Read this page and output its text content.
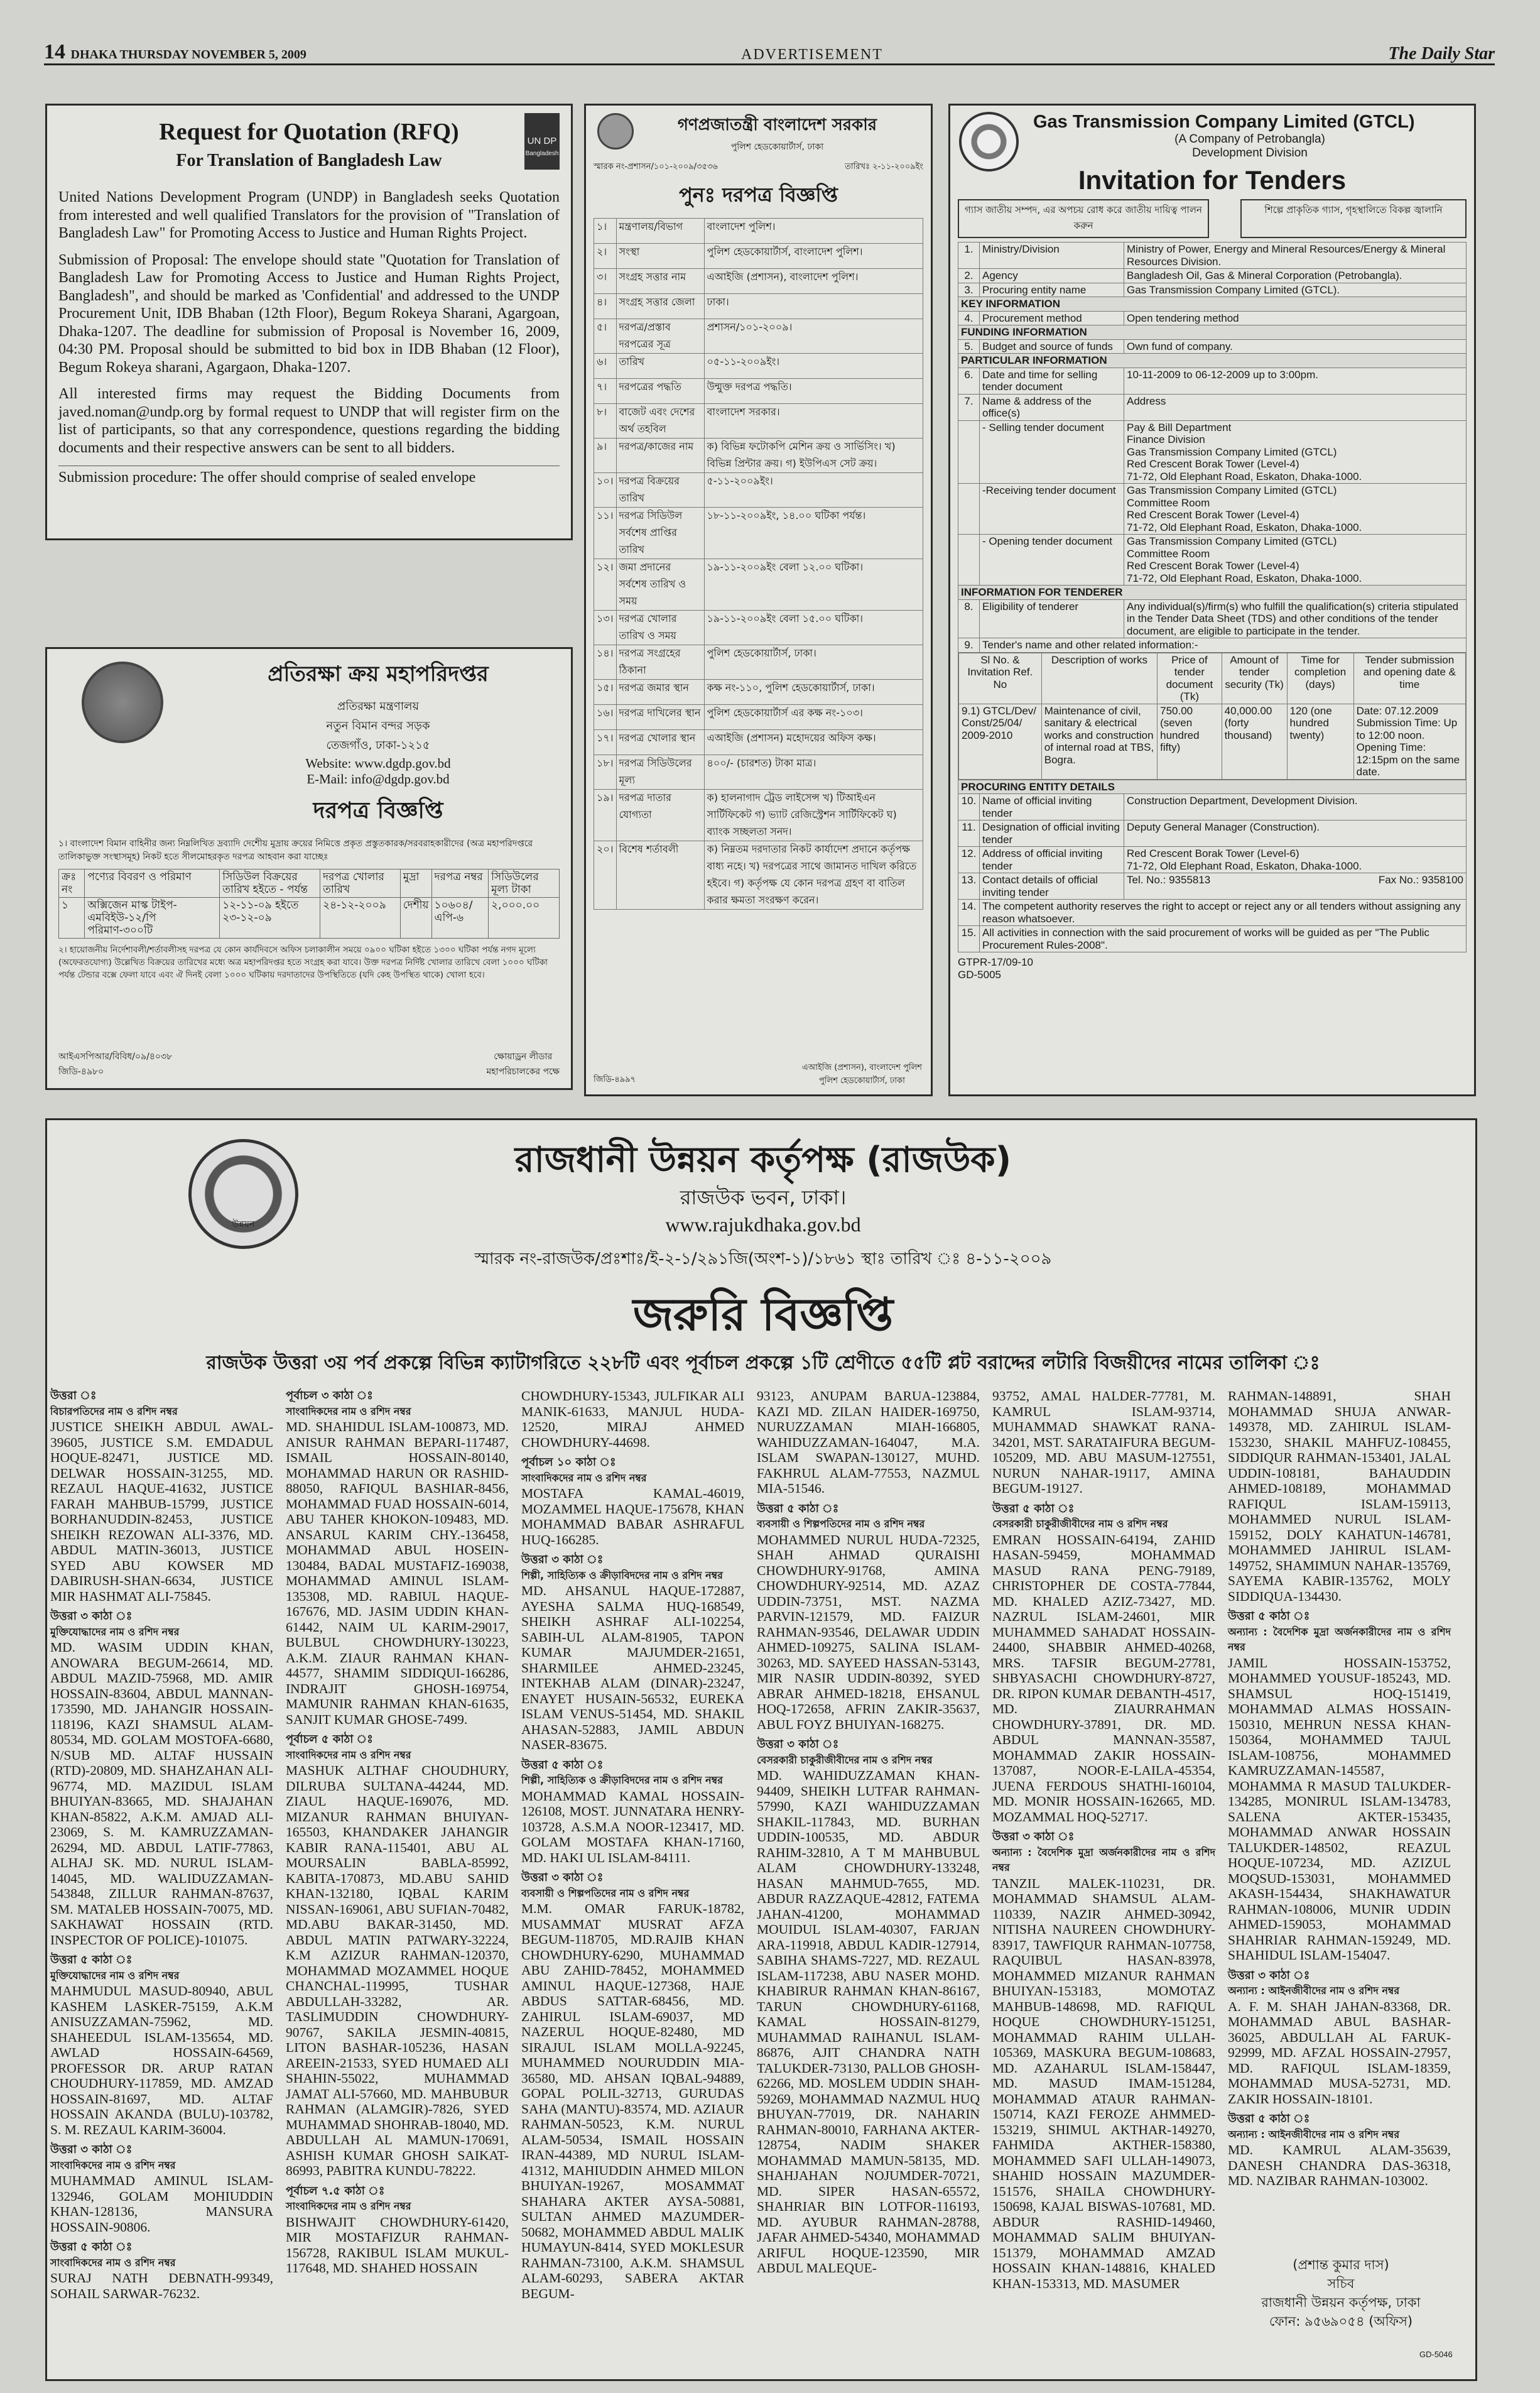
14 DHAKA THURSDAY NOVEMBER 5, 2009	ADVERTISEMENT	The Daily Star
UN DP
Bangladesh
Request for Quotation (RFQ)
For Translation of Bangladesh Law

United Nations Development Program (UNDP) in Bangladesh seeks Quotation from interested and well qualified Translators for the provision of "Translation of Bangladesh Law" for Promoting Access to Justice and Human Rights Project.

Submission of Proposal: The envelope should state "Quotation for Translation of Bangladesh Law for Promoting Access to Justice and Human Rights Project, Bangladesh", and should be marked as 'Confidential' and addressed to the UNDP Procurement Unit, IDB Bhaban (12th Floor), Begum Rokeya Sharani, Agargoan, Dhaka-1207. The deadline for submission of Proposal is November 16, 2009, 04:30 PM. Proposal should be submitted to bid box in IDB Bhaban (12 Floor), Begum Rokeya sharani, Agargaon, Dhaka-1207.

All interested firms may request the Bidding Documents from javed.noman@undp.org by formal request to UNDP that will register firm on the list of participants, so that any correspondence, questions regarding the bidding documents and their respective answers can be sent to all bidders.

Submission procedure: The offer should comprise of sealed envelope

প্রতিরক্ষা ক্রয় মহাপরিদপ্তর
প্রতিরক্ষা মন্ত্রণালয়
নতুন বিমান বন্দর সড়ক
তেজগাঁও, ঢাকা-১২১৫
Website: www.dgdp.gov.bd
E-Mail: info@dgdp.gov.bd
দরপত্র বিজ্ঞপ্তি

১। বাংলাদেশ বিমান বাহিনীর জন্য নিম্নলিখিত দ্রব্যাদি দেশেীয় মুদ্রায় ক্রয়ের নিমিত্তে প্রকৃত প্রস্তুতকারক/সরবরাহকারীদের (অত্র মহাপরিদপ্তরে তালিকাভুক্ত সংস্থাসমূহ) নিকট হতে সীলমোহরকৃত দরপত্র আহবান করা যাচ্ছেঃ

ক্রঃ নং	পণ্যের বিবরণ ও পরিমাণ	সিডিউল বিক্রয়ের তারিখ হইতে - পর্যন্ত	দরপত্র খোলার তারিখ	মুদ্রা	দরপত্র নম্বর	সিডিউলের মূল্য টাকা
১	অক্সিজেন মাস্ক টাইপ-এমবিইউ-১২/পি পরিমাণ-৩০০টি	১২-১১-০৯ হইতে ২৩-১২-০৯	২৪-১২-২০০৯	দেশীয়	১০৬০৪/ এপি-৬	২,০০০.০০

২। হায়োজনীয় নির্দেশাবলী/শর্তাবলীসহ দরপত্র যে কোন কার্যদিবসে অফিস চলাকালীন সময়ে ০৯০০ ঘটিকা হইতে ১৩০০ ঘটিকা পর্যন্ত নগদ মূল্যে (অফেরতযোগ্য) উল্লেখিত বিক্রয়ের তারিখের মধ্যে অত্র মহাপরিদপ্তর হতে সংগ্রহ করা যাবে। উক্ত দরপত্র নির্দিষ্ট খোলার তারিখে বেলা ১০০০ ঘটিকা পর্যন্ত টেন্ডার বক্সে ফেলা যাবে এবং ঐ দিনই বেলা ১০০০ ঘটিকায় দরদাতাদের উপস্থিতিতে (যদি কেহ উপস্থিত থাকে) খোলা হবে।

আইএসপিআর/বিবিধ/০৯/৪০৩৮
জিডি-৪৯৮০
ক্ষোয়াড্রন লীডার
মহাপরিচালকের পক্ষে
গণপ্রজাতন্ত্রী বাংলাদেশ সরকার
পুলিশ হেডকোয়ার্টার্স, ঢাকা
স্মারক নং-প্রশাসন/১০১-২০০৯/৩৫৩৬	তারিখঃ ২-১১-২০০৯ইং
পুনঃ দরপত্র বিজ্ঞপ্তি
১।	মন্ত্রণালয়/বিভাগ	বাংলাদেশ পুলিশ।
২।	সংস্থা	পুলিশ হেডকোয়ার্টার্স, বাংলাদেশ পুলিশ।
৩।	সংগ্রহ সত্তার নাম	এআইজি (প্রশাসন), বাংলাদেশ পুলিশ।
৪।	সংগ্রহ সত্তার জেলা	ঢাকা।
৫।	দরপত্র/প্রস্তাব দরপত্রের সূত্র	প্রশাসন/১০১-২০০৯।
৬।	তারিখ	০৫-১১-২০০৯ইং।
৭।	দরপত্রের পদ্ধতি	উন্মুক্ত দরপত্র পদ্ধতি।
৮।	বাজেট এবং দেশের অর্থ তহবিল	বাংলাদেশ সরকার।
৯।	দরপত্র/কাজের নাম	ক) বিভিন্ন ফটোকপি মেশিন ক্রয় ও সার্ভিসিং। খ) বিভিন্ন প্রিন্টার ক্রয়। গ) ইউপিএস সেট ক্রয়।
১০।	দরপত্র বিক্রয়ের তারিখ	৫-১১-২০০৯ইং।
১১।	দরপত্র সিডিউল সর্বশেষ প্রাপ্তির তারিখ	১৮-১১-২০০৯ইং, ১৪.০০ ঘটিকা পর্যন্ত।
১২।	জমা প্রদানের সর্বশেষ তারিখ ও সময়	১৯-১১-২০০৯ইং বেলা ১২.০০ ঘটিকা।
১৩।	দরপত্র খোলার তারিখ ও সময়	১৯-১১-২০০৯ইং বেলা ১৫.০০ ঘটিকা।
১৪।	দরপত্র সংগ্রহের ঠিকানা	পুলিশ হেডকোয়ার্টার্স, ঢাকা।
১৫।	দরপত্র জমার স্থান	কক্ষ নং-১১০, পুলিশ হেডকোয়ার্টার্স, ঢাকা।
১৬।	দরপত্র দাখিলের স্থান	পুলিশ হেডকোয়ার্টার্স এর কক্ষ নং-১০৩।
১৭।	দরপত্র খোলার স্থান	এআইজি (প্রশাসন) মহোদয়ের অফিস কক্ষ।
১৮।	দরপত্র সিডিউলের মূল্য	৪০০/- (চারশত) টাকা মাত্র।
১৯।	দরপত্র দাতার যোগ্যতা	ক) হালনাগাদ ট্রেড লাইসেন্স খ) টিআইএন সার্টিফিকেট গ) ভ্যাট রেজিস্ট্রেশন সার্টিফিকেট ঘ) ব্যাংক সচ্ছলতা সনদ।
২০।	বিশেষ শর্তাবলী	ক) নিম্নতম দরদাতার নিকট কার্যাদেশ প্রদানে কর্তৃপক্ষ বাধ্য নহে। খ) দরপত্রের সাথে জামানত দাখিল করিতে হইবে। গ) কর্তৃপক্ষ যে কোন দরপত্র গ্রহণ বা বাতিল করার ক্ষমতা সংরক্ষণ করেন।
জিডি-৪৯৯৭
এআইজি (প্রশাসন), বাংলাদেশ পুলিশ
পুলিশ হেডকোয়ার্টার্স, ঢাকা
Gas Transmission Company Limited (GTCL)
(A Company of Petrobangla)
Development Division
Invitation for Tenders
গ্যাস জাতীয় সম্পদ, এর অপচয় রোধ করে জাতীয় দায়িত্ব পালন করুন
শিল্পে প্রাকৃতিক গ্যাস, গৃহস্থালিতে বিকল্প জ্বালানি
1.	Ministry/Division	Ministry of Power, Energy and Mineral Resources/Energy & Mineral Resources Division.
2.	Agency	Bangladesh Oil, Gas & Mineral Corporation (Petrobangla).
3.	Procuring entity name	Gas Transmission Company Limited (GTCL).
KEY INFORMATION
4.	Procurement method	Open tendering method
FUNDING INFORMATION
5.	Budget and source of funds	Own fund of company.
PARTICULAR INFORMATION
6.	Date and time for selling tender document	10-11-2009 to 06-12-2009 up to 3:00pm.
7.	Name & address of the office(s)	Address
	- Selling tender document	Pay & Bill Department
Finance Division
Gas Transmission Company Limited (GTCL)
Red Crescent Borak Tower (Level-4)
71-72, Old Elephant Road, Eskaton, Dhaka-1000.
	-Receiving tender document	Gas Transmission Company Limited (GTCL)
Committee Room
Red Crescent Borak Tower (Level-4)
71-72, Old Elephant Road, Eskaton, Dhaka-1000.
	- Opening tender document	Gas Transmission Company Limited (GTCL)
Committee Room
Red Crescent Borak Tower (Level-4)
71-72, Old Elephant Road, Eskaton, Dhaka-1000.
INFORMATION FOR TENDERER
8.	Eligibility of tenderer	Any individual(s)/firm(s) who fulfill the qualification(s) criteria stipulated in the Tender Data Sheet (TDS) and other conditions of the tender document, are eligible to participate in the tender.
9.	Tender's name and other related information:-

Sl No. & Invitation Ref. No	Description of works	Price of tender document (Tk)	Amount of tender security (Tk)	Time for completion (days)	Tender submission and opening date & time
9.1) GTCL/Dev/ Const/25/04/ 2009-2010	Maintenance of civil, sanitary & electrical works and construction of internal road at TBS, Bogra.	750.00 (seven hundred fifty)	40,000.00 (forty thousand)	120 (one hundred twenty)	Date: 07.12.2009 Submission Time: Up to 12:00 noon. Opening Time: 12:15pm on the same date.

PROCURING ENTITY DETAILS
10.	Name of official inviting tender	Construction Department, Development Division.
11.	Designation of official inviting tender	Deputy General Manager (Construction).
12.	Address of official inviting tender	Red Crescent Borak Tower (Level-6)
71-72, Old Elephant Road, Eskaton, Dhaka-1000.
13.	Contact details of official inviting tender	Tel. No.: 9355813	Fax No.: 9358100

14.	The competent authority reserves the right to accept or reject any or all tenders without assigning any reason whatsoever.
15.	All activities in connection with the said procurement of works will be guided as per "The Public Procurement Rules-2008".
GTPR-17/09-10
GD-5005
উন্নয়ন
রাজধানী উন্নয়ন কর্তৃপক্ষ (রাজউক)
রাজউক ভবন, ঢাকা।
www.rajukdhaka.gov.bd
স্মারক নং-রাজউক/প্রঃশাঃ/ই-২-১/২৯১জি(অংশ-১)/১৮৬১ স্থাঃ তারিখ ঃ ৪-১১-২০০৯
জরুরি বিজ্ঞপ্তি
রাজউক উত্তরা ৩য় পর্ব প্রকল্পে বিভিন্ন ক্যাটাগরিতে ২২৮টি এবং পূর্বাচল প্রকল্পে ১টি শ্রেণীতে ৫৫টি প্লট বরাদ্দের লটারি বিজয়ীদের নামের তালিকা ঃ
উত্তরা ঃ
বিচারপতিদের নাম ও রশিদ নম্বর
JUSTICE SHEIKH ABDUL AWAL-39605, JUSTICE S.M. EMDADUL HOQUE-82471, JUSTICE MD. DELWAR HOSSAIN-31255, MD. REZAUL HAQUE-41632, JUSTICE FARAH MAHBUB-15799, JUSTICE BORHANUDDIN-82453, JUSTICE SHEIKH REZOWAN ALI-3376, MD. ABDUL MATIN-36013, JUSTICE SYED ABU KOWSER MD DABIRUSH-SHAN-6634, JUSTICE MIR HASHMAT ALI-75845.
উত্তরা ৩ কাঠা ঃ
মুক্তিযোদ্ধাদের নাম ও রশিদ নম্বর
MD. WASIM UDDIN KHAN, ANOWARA BEGUM-26614, MD. ABDUL MAZID-75968, MD. AMIR HOSSAIN-83604, ABDUL MANNAN-173590, MD. JAHANGIR HOSSAIN-118196, KAZI SHAMSUL ALAM-80534, MD. GOLAM MOSTOFA-6680, N/SUB MD. ALTAF HUSSAIN (RTD)-20809, MD. SHAHZAHAN ALI-96774, MD. MAZIDUL ISLAM BHUIYAN-83665, MD. SHAJAHAN KHAN-85822, A.K.M. AMJAD ALI-23069, S. M. KAMRUZZAMAN-26294, MD. ABDUL LATIF-77863, ALHAJ SK. MD. NURUL ISLAM-14045, MD. WALIDUZZAMAN-543848, ZILLUR RAHMAN-87637, SM. MATALEB HOSSAIN-70075, MD. SAKHAWAT HOSSAIN (RTD. INSPECTOR OF POLICE)-101075.
উত্তরা ৫ কাঠা ঃ
মুক্তিযোদ্ধাদের নাম ও রশিদ নম্বর
MAHMUDUL MASUD-80940, ABUL KASHEM LASKER-75159, A.K.M ANISUZZAMAN-75962, MD. SHAHEEDUL ISLAM-135654, MD. AWLAD HOSSAIN-64569, PROFESSOR DR. ARUP RATAN CHOUDHURY-117859, MD. AMZAD HOSSAIN-81697, MD. ALTAF HOSSAIN AKANDA (BULU)-103782, S. M. REZAUL KARIM-36004.
উত্তরা ৩ কাঠা ঃ
সাংবাদিকদের নাম ও রশিদ নম্বর
MUHAMMAD AMINUL ISLAM-132946, GOLAM MOHIUDDIN KHAN-128136, MANSURA HOSSAIN-90806.
উত্তরা ৫ কাঠা ঃ
সাংবাদিকদের নাম ও রশিদ নম্বর
SURAJ NATH DEBNATH-99349, SOHAIL SARWAR-76232.
পূর্বাচল ৩ কাঠা ঃ
সাংবাদিকদের নাম ও রশিদ নম্বর
MD. SHAHIDUL ISLAM-100873, MD. ANISUR RAHMAN BEPARI-117487, ISMAIL HOSSAIN-80140, MOHAMMAD HARUN OR RASHID-88050, RAFIQUL BASHIAR-8456, MOHAMMAD FUAD HOSSAIN-6014, ABU TAHER KHOKON-109483, MD. ANSARUL KARIM CHY.-136458, MOHAMMAD ABUL HOSEIN-130484, BADAL MUSTAFIZ-169038, MOHAMMAD AMINUL ISLAM-135308, MD. RABIUL HAQUE-167676, MD. JASIM UDDIN KHAN-61442, NAIM UL KARIM-29017, BULBUL CHOWDHURY-130223, A.K.M. ZIAUR RAHMAN KHAN-44577, SHAMIM SIDDIQUI-166286, INDRAJIT GHOSH-169754, MAMUNIR RAHMAN KHAN-61635, SANJIT KUMAR GHOSE-7499.
পূর্বাচল ৫ কাঠা ঃ
সাংবাদিকদের নাম ও রশিদ নম্বর
MASHUK ALTHAF CHOUDHURY, DILRUBA SULTANA-44244, MD. ZIAUL HAQUE-169076, MD. MIZANUR RAHMAN BHUIYAN-165503, KHANDAKER JAHANGIR KABIR RANA-115401, ABU AL MOURSALIN BABLA-85992, KABITA-170873, MD.ABU SAHID KHAN-132180, IQBAL KARIM NISSAN-169061, ABU SUFIAN-70482, MD.ABU BAKAR-31450, MD. ABDUL MATIN PATWARY-32224, K.M AZIZUR RAHMAN-120370, MOHAMMAD MOZAMMEL HOQUE CHANCHAL-119995, TUSHAR ABDULLAH-33282, AR. TASLIMUDDIN CHOWDHURY-90767, SAKILA JESMIN-40815, LITON BASHAR-105236, HASAN AREEIN-21533, SYED HUMAED ALI SHAHIN-55022, MUHAMMAD JAMAT ALI-57660, MD. MAHBUBUR RAHMAN (ALAMGIR)-7826, SYED MUHAMMAD SHOHRAB-18040, MD. ABDULLAH AL MAMUN-170691, ASHISH KUMAR GHOSH SAIKAT-86993, PABITRA KUNDU-78222.
পূর্বাচল ৭.৫ কাঠা ঃ
সাংবাদিকদের নাম ও রশিদ নম্বর
BISHWAJIT CHOWDHURY-61420, MIR MOSTAFIZUR RAHMAN-156728, RAKIBUL ISLAM MUKUL-117648, MD. SHAHED HOSSAIN
CHOWDHURY-15343, JULFIKAR ALI MANIK-61633, MANJUL HUDA-12520, MIRAJ AHMED CHOWDHURY-44698.
পূর্বাচল ১০ কাঠা ঃ
সাংবাদিকদের নাম ও রশিদ নম্বর
MOSTAFA KAMAL-46019, MOZAMMEL HAQUE-175678, KHAN MOHAMMAD BABAR ASHRAFUL HUQ-166285.
উত্তরা ৩ কাঠা ঃ
শিল্পী, সাহিত্যিক ও ক্রীড়াবিদদের নাম ও রশিদ নম্বর
MD. AHSANUL HAQUE-172887, AYESHA SALMA HUQ-168549, SHEIKH ASHRAF ALI-102254, SABIH-UL ALAM-81905, TAPON KUMAR MAJUMDER-21651, SHARMILEE AHMED-23245, INTEKHAB ALAM (DINAR)-23247, ENAYET HUSAIN-56532, EUREKA ISLAM VENUS-51454, MD. SHAKIL AHASAN-52883, JAMIL ABDUN NASER-83675.
উত্তরা ৫ কাঠা ঃ
শিল্পী, সাহিত্যিক ও ক্রীড়াবিদদের নাম ও রশিদ নম্বর
MOHAMMAD KAMAL HOSSAIN-126108, MOST. JUNNATARA HENRY-103728, A.S.M.A NOOR-123417, MD. GOLAM MOSTAFA KHAN-17160, MD. HAKI UL ISLAM-84111.
উত্তরা ৩ কাঠা ঃ
ব্যবসায়ী ও শিল্পপতিদের নাম ও রশিদ নম্বর
M.M. OMAR FARUK-18782, MUSAMMAT MUSRAT AFZA BEGUM-118705, MD.RAJIB KHAN CHOWDHURY-6290, MUHAMMAD ABU ZAHID-78452, MOHAMMED AMINUL HAQUE-127368, HAJE ABDUS SATTAR-68456, MD. ZAHIRUL ISLAM-69037, MD NAZERUL HOQUE-82480, MD SIRAJUL ISLAM MOLLA-92245, MUHAMMED NOURUDDIN MIA-36580, MD. AHSAN IQBAL-94889, GOPAL POLIL-32713, GURUDAS SAHA (MANTU)-83574, MD. AZIAUR RAHMAN-50523, K.M. NURUL ALAM-50534, ISMAIL HOSSAIN IRAN-44389, MD NURUL ISLAM-41312, MAHIUDDIN AHMED MILON BHUIYAN-19267, MOSAMMAT SHAHARA AKTER AYSA-50881, SULTAN AHMED MAZUMDER-50682, MOHAMMED ABDUL MALIK HUMAYUN-8414, SYED MOKLESUR RAHMAN-73100, A.K.M. SHAMSUL ALAM-60293, SABERA AKTAR BEGUM-
93123, ANUPAM BARUA-123884, KAZI MD. ZILAN HAIDER-169750, NURUZZAMAN MIAH-166805, WAHIDUZZAMAN-164047, M.A. ISLAM SWAPAN-130127, MUHD. FAKHRUL ALAM-77553, NAZMUL MIA-51546.
উত্তরা ৫ কাঠা ঃ
ব্যবসায়ী ও শিল্পপতিদের নাম ও রশিদ নম্বর
MOHAMMED NURUL HUDA-72325, SHAH AHMAD QURAISHI CHOWDHURY-91768, AMINA CHOWDHURY-92514, MD. AZAZ UDDIN-73751, MST. NAZMA PARVIN-121579, MD. FAIZUR RAHMAN-93546, DELAWAR UDDIN AHMED-109275, SALINA ISLAM-30263, MD. SAYEED HASSAN-53143, MIR NASIR UDDIN-80392, SYED ABRAR AHMED-18218, EHSANUL HOQ-172658, AFRIN ZAKIR-35637, ABUL FOYZ BHUIYAN-168275.
উত্তরা ৩ কাঠা ঃ
বেসরকারী চাকুরীজীবীদের নাম ও রশিদ নম্বর
MD. WAHIDUZZAMAN KHAN-94409, SHEIKH LUTFAR RAHMAN-57990, KAZI WAHIDUZZAMAN SHAKIL-117843, MD. BURHAN UDDIN-100535, MD. ABDUR RAHIM-32810, A T M MAHBUBUL ALAM CHOWDHURY-133248, HASAN MAHMUD-7655, MD. ABDUR RAZZAQUE-42812, FATEMA JAHAN-41200, MOHAMMAD MOUIDUL ISLAM-40307, FARJAN ARA-119918, ABDUL KADIR-127914, SABIHA SHAMS-7227, MD. REZAUL ISLAM-117238, ABU NASER MOHD. KHABIRUR RAHMAN KHAN-86167, TARUN CHOWDHURY-61168, KAMAL HOSSAIN-81279, MUHAMMAD RAIHANUL ISLAM-86876, AJIT CHANDRA NATH TALUKDER-73130, PALLOB GHOSH-62266, MD. MOSLEM UDDIN SHAH-59269, MOHAMMAD NAZMUL HUQ BHUYAN-77019, DR. NAHARIN RAHMAN-80010, FARHANA AKTER-128754, NADIM SHAKER MOHAMMAD MAMUN-58135, MD. SHAHJAHAN NOJUMDER-70721, MD. SIPER HASAN-65572, SHAHRIAR BIN LOTFOR-116193, MD. AYUBUR RAHMAN-28788, JAFAR AHMED-54340, MOHAMMAD ARIFUL HOQUE-123590, MIR ABDUL MALEQUE-
93752, AMAL HALDER-77781, M. KAMRUL ISLAM-93714, MUHAMMAD SHAWKAT RANA-34201, MST. SARATAIFURA BEGUM-105209, MD. ABU MASUM-127551, NURUN NAHAR-19117, AMINA BEGUM-19127.
উত্তরা ৫ কাঠা ঃ
বেসরকারী চাকুরীজীবীদের নাম ও রশিদ নম্বর
EMRAN HOSSAIN-64194, ZAHID HASAN-59459, MOHAMMAD MASUD RANA PENG-79189, CHRISTOPHER DE COSTA-77844, MD. KHALED AZIZ-73427, MD. NAZRUL ISLAM-24601, MIR MUHAMMED SAHADAT HOSSAIN-24400, SHABBIR AHMED-40268, MRS. TAFSIR BEGUM-27781, SHBYASACHI CHOWDHURY-8727, DR. RIPON KUMAR DEBANTH-4517, MD. ZIAURRAHMAN CHOWDHURY-37891, DR. MD. ABDUL MANNAN-35587, MOHAMMAD ZAKIR HOSSAIN-137087, NOOR-E-LAILA-45354, JUENA FERDOUS SHATHI-160104, MD. MONIR HOSSAIN-162665, MD. MOZAMMAL HOQ-52717.
উত্তরা ৩ কাঠা ঃ
অন্যান্য : বৈদেশিক মুদ্রা অর্জনকারীদের নাম ও রশিদ নম্বর
TANZIL MALEK-110231, DR. MOHAMMAD SHAMSUL ALAM-110339, NAZIR AHMED-30942, NITISHA NAUREEN CHOWDHURY-83917, TAWFIQUR RAHMAN-107758, RAQUIBUL HASAN-83978, MOHAMMED MIZANUR RAHMAN BHUIYAN-153183, MOMOTAZ MAHBUB-148698, MD. RAFIQUL HOQUE CHOWDHURY-151251, MOHAMMAD RAHIM ULLAH-105369, MASKURA BEGUM-108683, MD. AZAHARUL ISLAM-158447, MD. MASUD IMAM-151284, MOHAMMAD ATAUR RAHMAN-150714, KAZI FEROZE AHMMED-153219, SHIMUL AKTHAR-149270, FAHMIDA AKTHER-158380, MOHAMMED SAFI ULLAH-149073, SHAHID HOSSAIN MAZUMDER-151576, SHAILA CHOWDHURY-150698, KAJAL BISWAS-107681, MD. ABDUR RASHID-149460, MOHAMMAD SALIM BHUIYAN-151379, MOHAMMAD AMZAD HOSSAIN KHAN-148816, KHALED KHAN-153313, MD. MASUMER
RAHMAN-148891, SHAH MOHAMMAD SHUJA ANWAR-149378, MD. ZAHIRUL ISLAM-153230, SHAKIL MAHFUZ-108455, SIDDIQUR RAHMAN-153401, JALAL UDDIN-108181, BAHAUDDIN AHMED-108189, MOHAMMAD RAFIQUL ISLAM-159113, MOHAMMED NURUL ISLAM-159152, DOLY KAHATUN-146781, MOHAMMED JAHIRUL ISLAM-149752, SHAMIMUN NAHAR-135769, SAYEMA KABIR-135762, MOLY SIDDIQUA-134430.
উত্তরা ৫ কাঠা ঃ
অন্যান্য : বৈদেশিক মুদ্রা অর্জনকারীদের নাম ও রশিদ নম্বর
JAMIL HOSSAIN-153752, MOHAMMED YOUSUF-185243, MD. SHAMSUL HOQ-151419, MOHAMMAD ALMAS HOSSAIN-150310, MEHRUN NESSA KHAN-150364, MOHAMMED TAJUL ISLAM-108756, MOHAMMED KAMRUZZAMAN-145587, MOHAMMA R MASUD TALUKDER-134285, MONIRUL ISLAM-134783, SALENA AKTER-153435, MOHAMMAD ANWAR HOSSAIN TALUKDER-148502, REAZUL HOQUE-107234, MD. AZIZUL MOQSUD-153031, MOHAMMED AKASH-154434, SHAKHAWATUR RAHMAN-108006, MUNIR UDDIN AHMED-159053, MOHAMMAD SHAHRIAR RAHMAN-159249, MD. SHAHIDUL ISLAM-154047.
উত্তরা ৩ কাঠা ঃ
অন্যান্য : আইনজীবীদের নাম ও রশিদ নম্বর
A. F. M. SHAH JAHAN-83368, DR. MOHAMMAD ABUL BASHAR-36025, ABDULLAH AL FARUK-92999, MD. AFZAL HOSSAIN-27957, MD. RAFIQUL ISLAM-18359, MOHAMMAD MUSA-52731, MD. ZAKIR HOSSAIN-18101.
উত্তরা ৫ কাঠা ঃ
অন্যান্য : আইনজীবীদের নাম ও রশিদ নম্বর
MD. KAMRUL ALAM-35639, DANESH CHANDRA DAS-36318, MD. NAZIBAR RAHMAN-103002.
(প্রশান্ত কুমার দাস)
সচিব
রাজধানী উন্নয়ন কর্তৃপক্ষ, ঢাকা
ফোন: ৯৫৬৯০৫৪ (অফিস)
GD-5046
